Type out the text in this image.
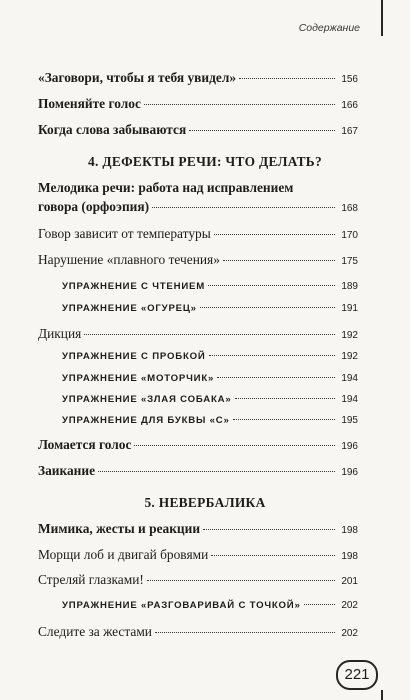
Содержание
«Заговори, чтобы я тебя увидел»	156
Поменяйте голос	166
Когда слова забываются	167
4. ДЕФЕКТЫ РЕЧИ: ЧТО ДЕЛАТЬ?
Мелодика речи: работа над исправлением
говора (орфоэпия)	168
Говор зависит от температуры	170
Нарушение «плавного течения»	175
УПРАЖНЕНИЕ С ЧТЕНИЕМ	189
УПРАЖНЕНИЕ «ОГУРЕЦ»	191
Дикция	192
УПРАЖНЕНИЕ С ПРОБКОЙ	192
УПРАЖНЕНИЕ «МОТОРЧИК»	194
УПРАЖНЕНИЕ «ЗЛАЯ СОБАКА»	194
УПРАЖНЕНИЕ ДЛЯ БУКВЫ «С»	195
Ломается голос	196
Заикание	196
5. НЕВЕРБАЛИКА
Мимика, жесты и реакции	198
Морщи лоб и двигай бровями	198
Стреляй глазками!	201
УПРАЖНЕНИЕ «РАЗГОВАРИВАЙ С ТОЧКОЙ»	202
Следите за жестами	202
221
